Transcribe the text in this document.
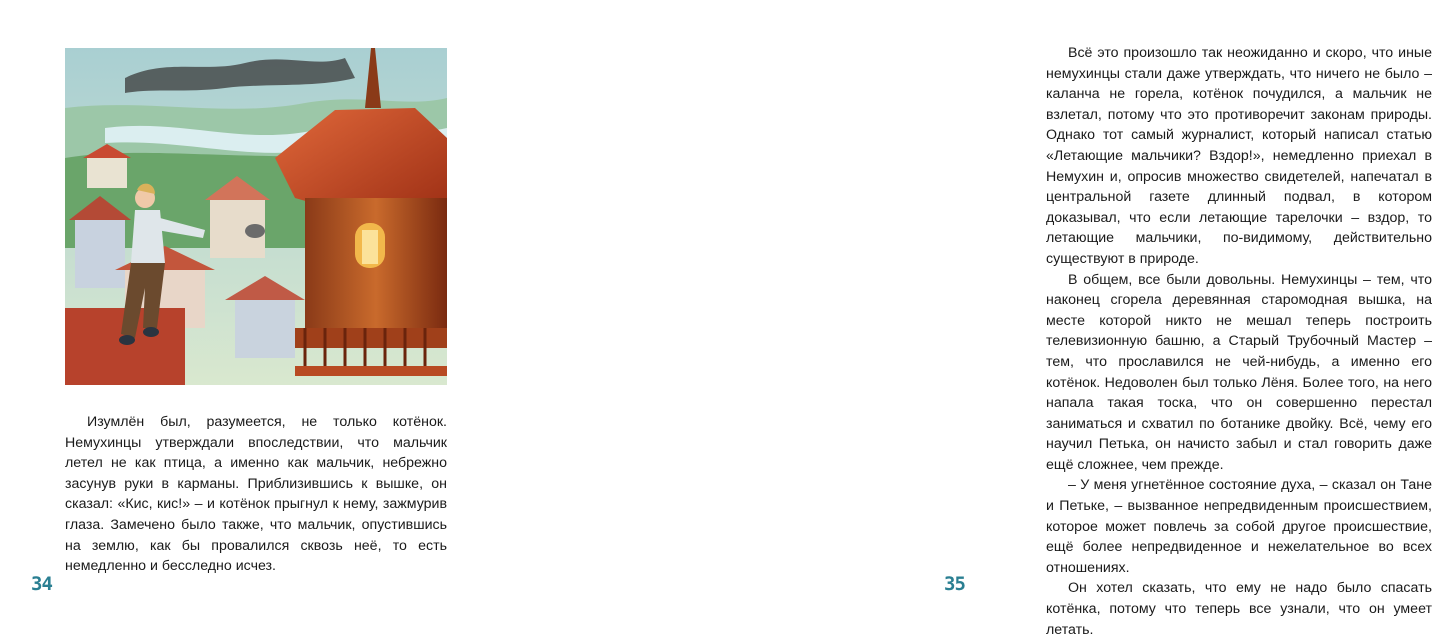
Изумлён был, разумеется, не только котёнок. Немухинцы утверждали впоследствии, что мальчик летел не как птица, а именно как мальчик, небрежно засунув руки в карманы. Приблизившись к вышке, он сказал: «Кис, кис!» – и котёнок прыгнул к нему, зажмурив глаза. Замечено было также, что мальчик, опустившись на землю, как бы провалился сквозь неё, то есть немедленно и бесследно исчез.

34

Всё это произошло так неожиданно и скоро, что иные немухинцы стали даже утверждать, что ничего не было – каланча не горела, котёнок почудился, а мальчик не взлетал, потому что это противоречит законам природы. Однако тот самый журналист, который написал статью «Летающие мальчики? Вздор!», немедленно приехал в Немухин и, опросив множество свидетелей, напечатал в центральной газете длинный подвал, в котором доказывал, что если летающие тарелочки – вздор, то летающие мальчики, по-видимому, действительно существуют в природе.

В общем, все были довольны. Немухинцы – тем, что наконец сгорела деревянная старомодная вышка, на месте которой никто не мешал теперь построить телевизионную башню, а Старый Трубочный Мастер – тем, что прославился не чей-нибудь, а именно его котёнок. Недоволен был только Лёня. Более того, на него напала такая тоска, что он совершенно перестал заниматься и схватил по ботанике двойку. Всё, чему его научил Петька, он начисто забыл и стал говорить даже ещё сложнее, чем прежде.

– У меня угнетённое состояние духа, – сказал он Тане и Петьке, – вызванное непредвиденным происшествием, которое может повлечь за собой другое происшествие, ещё более непредвиденное и нежелательное во всех отношениях.

Он хотел сказать, что ему не надо было спасать котёнка, потому что теперь все узнали, что он умеет летать.

35
